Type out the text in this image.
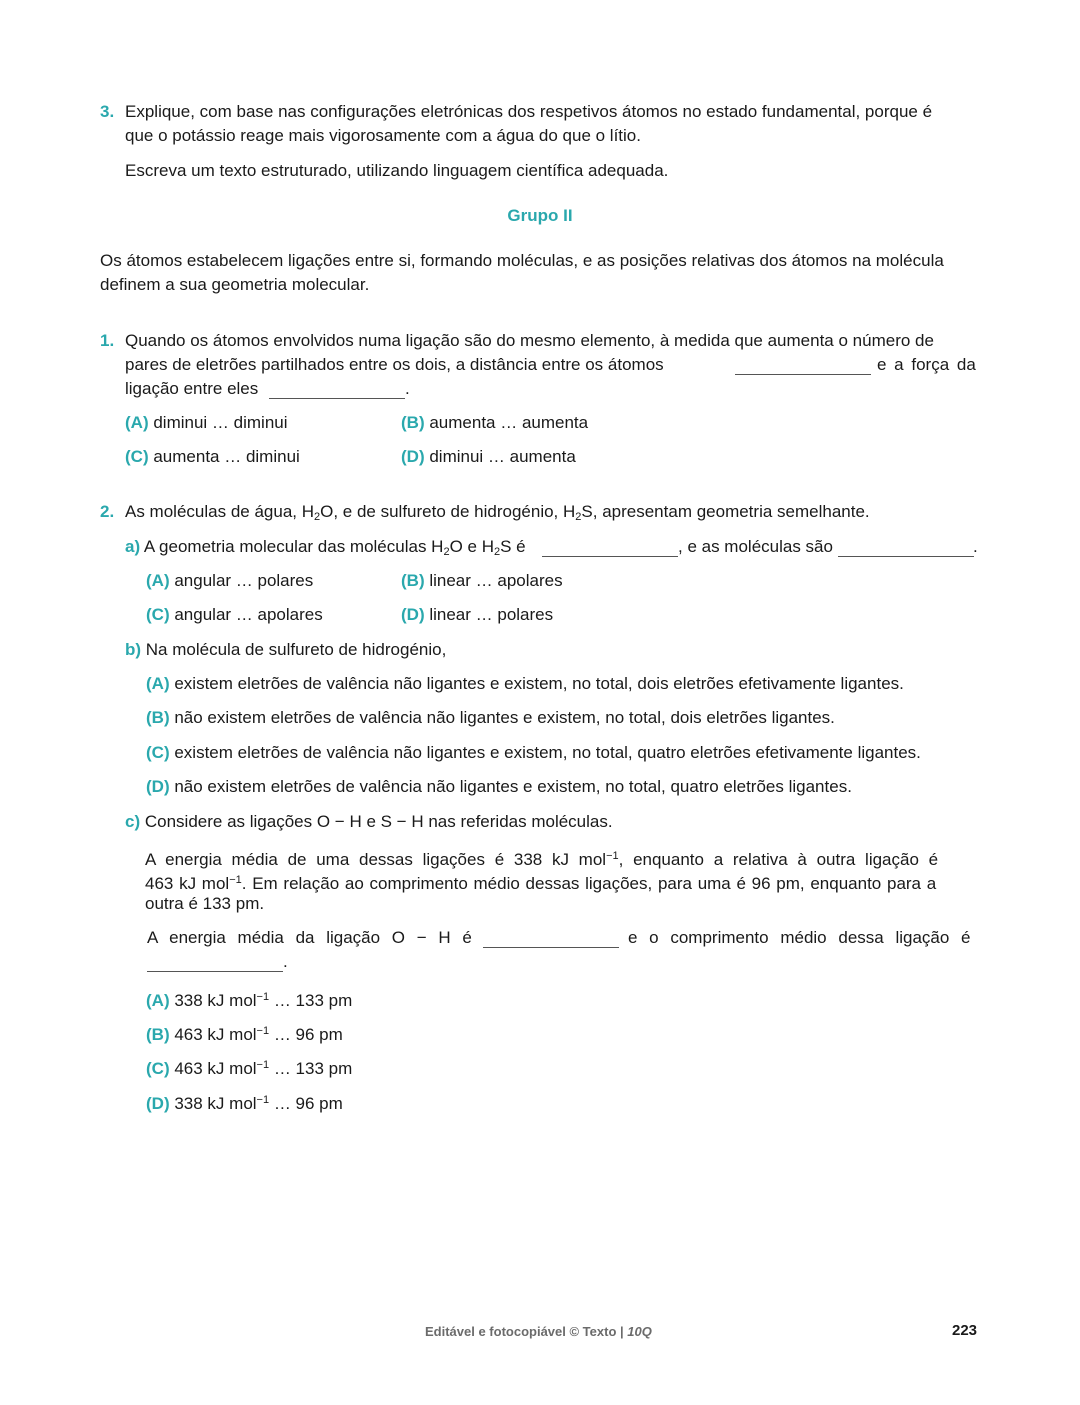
3. Explique, com base nas configurações eletrónicas dos respetivos átomos no estado fundamental, porque é
que o potássio reage mais vigorosamente com a água do que o lítio.
Escreva um texto estruturado, utilizando linguagem científica adequada.
Grupo II
Os átomos estabelecem ligações entre si, formando moléculas, e as posições relativas dos átomos na molécula
definem a sua geometria molecular.
1. Quando os átomos envolvidos numa ligação são do mesmo elemento, à medida que aumenta o número de
pares de eletrões partilhados entre os dois, a distância entre os átomos	e a força da
ligação entre eles	.
(A) diminui … diminui	(B) aumenta … aumenta
(C) aumenta … diminui	(D) diminui … aumenta
2. As moléculas de água, $H_2O$, e de sulfureto de hidrogénio, $H_2S$, apresentam geometria semelhante.
a) A geometria molecular das moléculas $H_2O$ e $H_2S$ é	, e as moléculas são	.
(A) angular … polares	(B) linear … apolares
(C) angular … apolares	(D) linear … polares
b) Na molécula de sulfureto de hidrogénio,
(A) existem eletrões de valência não ligantes e existem, no total, dois eletrões efetivamente ligantes.
(B) não existem eletrões de valência não ligantes e existem, no total, dois eletrões ligantes.
(C) existem eletrões de valência não ligantes e existem, no total, quatro eletrões efetivamente ligantes.
(D) não existem eletrões de valência não ligantes e existem, no total, quatro eletrões ligantes.
c) Considere as ligações O − H e S − H nas referidas moléculas.
A energia média de uma dessas ligações é 338 kJ mol$^{-1}$, enquanto a relativa à outra ligação é
463 kJ mol$^{-1}$. Em relação ao comprimento médio dessas ligações, para uma é 96 pm, enquanto para a
outra é 133 pm.
A energia média da ligação O − H é	e o comprimento médio dessa ligação é
.
(A) 338 kJ mol$^{-1}$ … 133 pm
(B) 463 kJ mol$^{-1}$ … 96 pm
(C) 463 kJ mol$^{-1}$ … 133 pm
(D) 338 kJ mol$^{-1}$ … 96 pm
Editável e fotocopiável © Texto | 10Q	223
